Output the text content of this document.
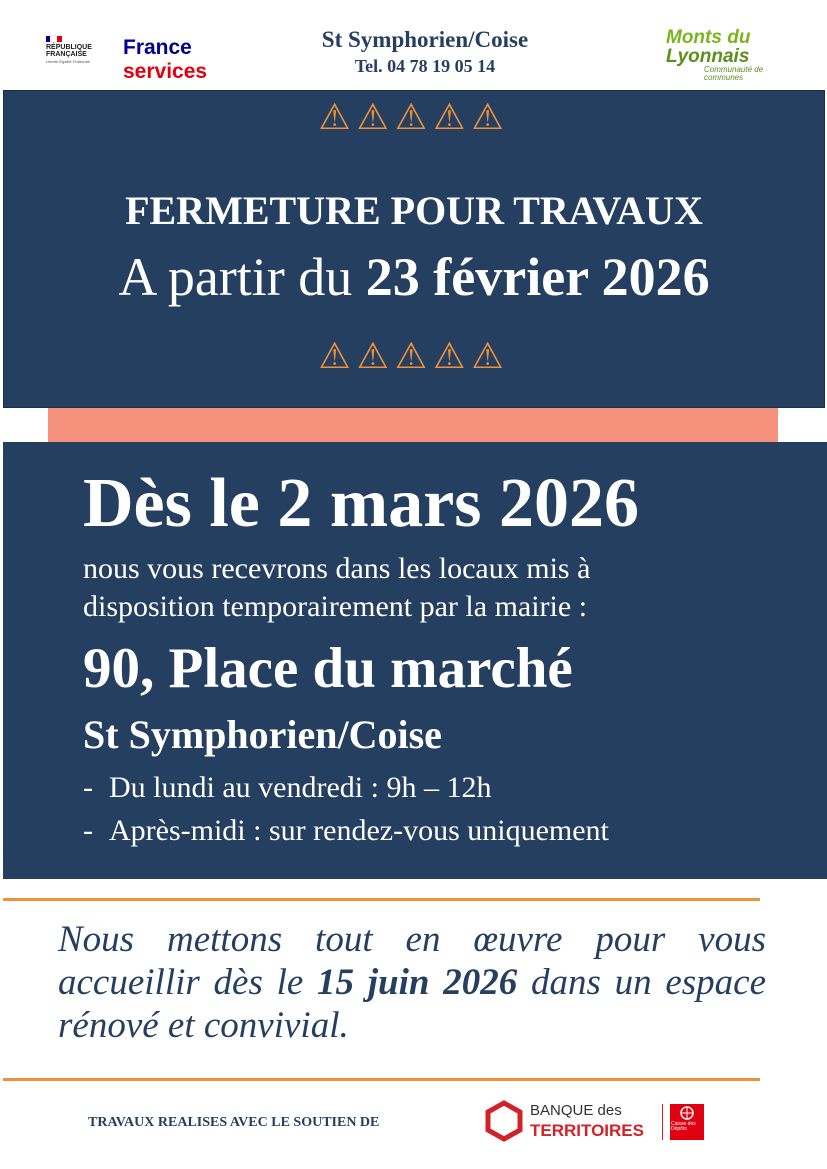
RÉPUBLIQUE
FRANÇAISE
Liberté Égalité Fraternité
France
services
St Symphorien/Coise
Tel. 04 78 19 05 14
Monts du
Lyonnais
Communauté de communes
⚠⚠⚠⚠⚠
FERMETURE POUR TRAVAUX
A partir du 23 février 2026
⚠⚠⚠⚠⚠
Dès le 2 mars 2026
nous vous recevrons dans les locaux mis à
disposition temporairement par la mairie :
90, Place du marché
St Symphorien/Coise
- Du lundi au vendredi : 9h – 12h
- Après-midi : sur rendez-vous uniquement
Nous mettons tout en œuvre pour vous accueillir dès le 15 juin 2026 dans un espace rénové et convivial.
TRAVAUX REALISES AVEC LE SOUTIEN DE
BANQUE des
TERRITOIRES	Caisse des Dépôts
